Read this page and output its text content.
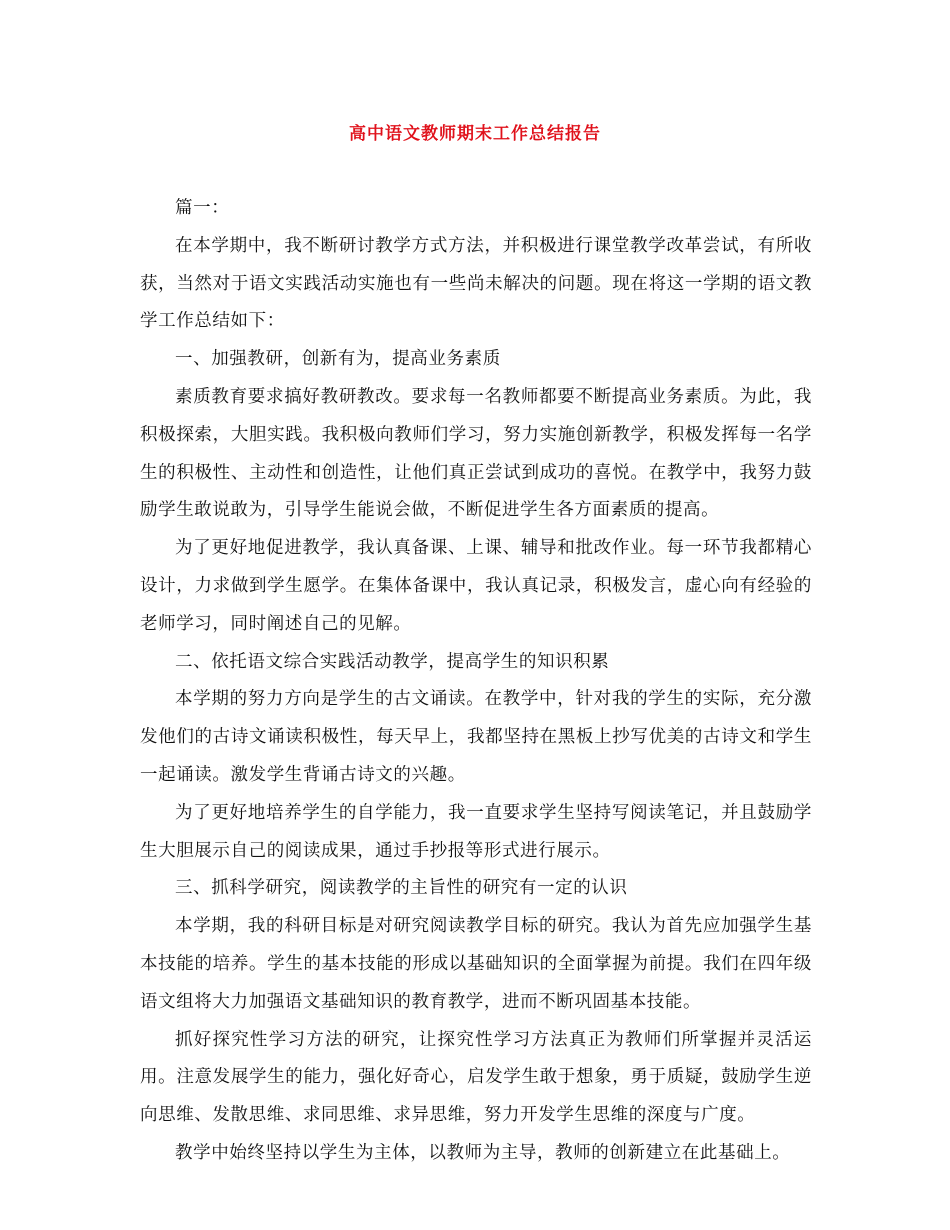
高中语文教师期末工作总结报告

篇一：

在本学期中，我不断研讨教学方式方法，并积极进行课堂教学改革尝试，有所收获，当然对于语文实践活动实施也有一些尚未解决的问题。现在将这一学期的语文教学工作总结如下：

一、加强教研，创新有为，提高业务素质

素质教育要求搞好教研教改。要求每一名教师都要不断提高业务素质。为此，我积极探索，大胆实践。我积极向教师们学习，努力实施创新教学，积极发挥每一名学生的积极性、主动性和创造性，让他们真正尝试到成功的喜悦。在教学中，我努力鼓励学生敢说敢为，引导学生能说会做，不断促进学生各方面素质的提高。

为了更好地促进教学，我认真备课、上课、辅导和批改作业。每一环节我都精心设计，力求做到学生愿学。在集体备课中，我认真记录，积极发言，虚心向有经验的老师学习，同时阐述自己的见解。

二、依托语文综合实践活动教学，提高学生的知识积累

本学期的努力方向是学生的古文诵读。在教学中，针对我的学生的实际，充分激发他们的古诗文诵读积极性，每天早上，我都坚持在黑板上抄写优美的古诗文和学生一起诵读。激发学生背诵古诗文的兴趣。

为了更好地培养学生的自学能力，我一直要求学生坚持写阅读笔记，并且鼓励学生大胆展示自己的阅读成果，通过手抄报等形式进行展示。

三、抓科学研究，阅读教学的主旨性的研究有一定的认识

本学期，我的科研目标是对研究阅读教学目标的研究。我认为首先应加强学生基本技能的培养。学生的基本技能的形成以基础知识的全面掌握为前提。我们在四年级语文组将大力加强语文基础知识的教育教学，进而不断巩固基本技能。

抓好探究性学习方法的研究，让探究性学习方法真正为教师们所掌握并灵活运用。注意发展学生的能力，强化好奇心，启发学生敢于想象，勇于质疑，鼓励学生逆向思维、发散思维、求同思维、求异思维，努力开发学生思维的深度与广度。

教学中始终坚持以学生为主体，以教师为主导，教师的创新建立在此基础上。
